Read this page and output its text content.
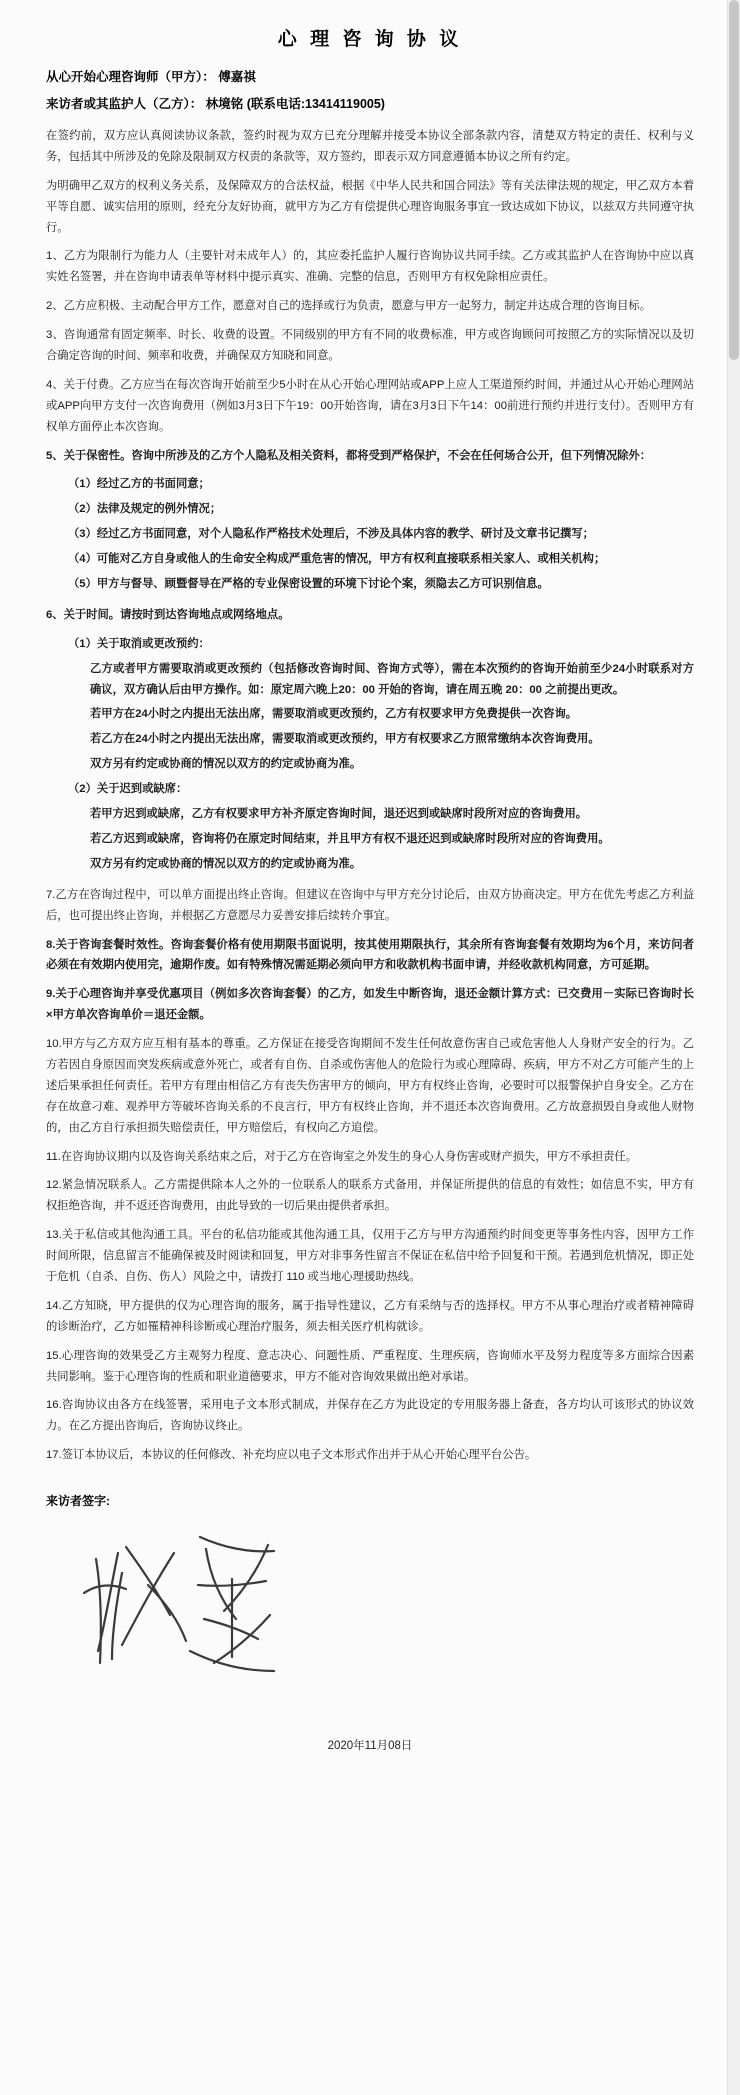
心 理 咨 询 协 议
从心开始心理咨询师（甲方）： 傅嘉祺
来访者或其监护人（乙方）： 林境铭 (联系电话:13414119005)
在签约前，双方应认真阅读协议条款，签约时视为双方已充分理解并接受本协议全部条款内容，清楚双方特定的责任、权利与义务，包括其中所涉及的免除及限制双方权责的条款等，双方签约，即表示双方同意遵循本协议之所有约定。
为明确甲乙双方的权利义务关系，及保障双方的合法权益，根据《中华人民共和国合同法》等有关法律法规的规定，甲乙双方本着平等自愿、诚实信用的原则，经充分友好协商，就甲方为乙方有偿提供心理咨询服务事宜一致达成如下协议，以兹双方共同遵守执行。
1、乙方为限制行为能力人（主要针对未成年人）的，其应委托监护人履行咨询协议共同手续。乙方或其监护人在咨询协中应以真实姓名签署，并在咨询申请表单等材料中提示真实、准确、完整的信息，否则甲方有权免除相应责任。
2、乙方应积极、主动配合甲方工作，愿意对自己的选择或行为负责，愿意与甲方一起努力，制定并达成合理的咨询目标。
3、咨询通常有固定频率、时长、收费的设置。不同级别的甲方有不同的收费标准，甲方或咨询顾问可按照乙方的实际情况以及切合确定咨询的时间、频率和收费，并确保双方知晓和同意。
4、关于付费。乙方应当在每次咨询开始前至少5小时在从心开始心理网站或APP上应人工渠道预约时间，并通过从心开始心理网站或APP向甲方支付一次咨询费用（例如3月3日下午19：00开始咨询，请在3月3日下午14：00前进行预约并进行支付）。否则甲方有权单方面停止本次咨询。
5、关于保密性。咨询中所涉及的乙方个人隐私及相关资料，都将受到严格保护，不会在任何场合公开，但下列情况除外：
（1）经过乙方的书面同意；
（2）法律及规定的例外情况；
（3）经过乙方书面同意，对个人隐私作严格技术处理后，不涉及具体内容的教学、研讨及文章书记撰写；
（4）可能对乙方自身或他人的生命安全构成严重危害的情况，甲方有权利直接联系相关家人、或相关机构；
（5）甲方与督导、顾暨督导在严格的专业保密设置的环境下讨论个案，须隐去乙方可识别信息。
6、关于时间。请按时到达咨询地点或网络地点。
（1）关于取消或更改预约：
乙方或者甲方需要取消或更改预约（包括修改咨询时间、咨询方式等），需在本次预约的咨询开始前至少24小时联系对方确议，双方确认后由甲方操作。如：原定周六晚上20：00 开始的咨询，请在周五晚 20：00 之前提出更改。
若甲方在24小时之内提出无法出席，需要取消或更改预约，乙方有权要求甲方免费提供一次咨询。
若乙方在24小时之内提出无法出席，需要取消或更改预约，甲方有权要求乙方照常缴纳本次咨询费用。
双方另有约定或协商的情况以双方的约定或协商为准。
（2）关于迟到或缺席：
若甲方迟到或缺席，乙方有权要求甲方补齐原定咨询时间，退还迟到或缺席时段所对应的咨询费用。
若乙方迟到或缺席，咨询将仍在原定时间结束，并且甲方有权不退还迟到或缺席时段所对应的咨询费用。
双方另有约定或协商的情况以双方的约定或协商为准。
7.乙方在咨询过程中，可以单方面提出终止咨询。但建议在咨询中与甲方充分讨论后，由双方协商决定。甲方在优先考虑乙方利益后，也可提出终止咨询，并根据乙方意愿尽力妥善安排后续转介事宜。
8.关于咨询套餐时效性。咨询套餐价格有使用期限书面说明，按其使用期限执行，其余所有咨询套餐有效期均为6个月，来访问者必须在有效期内使用完，逾期作废。如有特殊情况需延期必须向甲方和收款机构书面申请，并经收款机构同意，方可延期。
9.关于心理咨询并享受优惠项目（例如多次咨询套餐）的乙方，如发生中断咨询，退还金额计算方式：已交费用－实际已咨询时长×甲方单次咨询单价＝退还金额。
10.甲方与乙方双方应互相有基本的尊重。乙方保证在接受咨询期间不发生任何故意伤害自己或危害他人人身财产安全的行为。乙方若因自身原因而突发疾病或意外死亡，或者有自伤、自杀或伤害他人的危险行为或心理障碍、疾病，甲方不对乙方可能产生的上述后果承担任何责任。若甲方有理由相信乙方有丧失伤害甲方的倾向，甲方有权终止咨询，必要时可以报警保护自身安全。乙方在存在故意刁难、观养甲方等破坏咨询关系的不良言行，甲方有权终止咨询，并不退还本次咨询费用。乙方故意损毁自身或他人财物的，由乙方自行承担损失赔偿责任，甲方赔偿后，有权向乙方追偿。
11.在咨询协议期内以及咨询关系结束之后，对于乙方在咨询室之外发生的身心人身伤害或财产损失，甲方不承担责任。
12.紧急情况联系人。乙方需提供除本人之外的一位联系人的联系方式备用，并保证所提供的信息的有效性；如信息不实，甲方有权拒绝咨询，并不返还咨询费用，由此导致的一切后果由提供者承担。
13.关于私信或其他沟通工具。平台的私信功能或其他沟通工具，仅用于乙方与甲方沟通预约时间变更等事务性内容，因甲方工作时间所限，信息留言不能确保被及时阅读和回复，甲方对非事务性留言不保证在私信中给予回复和干预。若遇到危机情况，即正处于危机（自杀、自伤、伤人）风险之中，请拨打 110 或当地心理援助热线。
14.乙方知晓，甲方提供的仅为心理咨询的服务，属于指导性建议，乙方有采纳与否的选择权。甲方不从事心理治疗或者精神障碍的诊断治疗，乙方如罹精神科诊断或心理治疗服务，须去相关医疗机构就诊。
15.心理咨询的效果受乙方主观努力程度、意志决心、问题性质、严重程度、生理疾病，咨询师水平及努力程度等多方面综合因素共同影响。鉴于心理咨询的性质和职业道德要求，甲方不能对咨询效果做出绝对承诺。
16.咨询协议由各方在线签署，采用电子文本形式制成，并保存在乙方为此设定的专用服务器上备查，各方均认可该形式的协议效力。在乙方提出咨询后，咨询协议终止。
17.签订本协议后，本协议的任何修改、补充均应以电子文本形式作出并于从心开始心理平台公告。
来访者签字:
2020年11月08日
